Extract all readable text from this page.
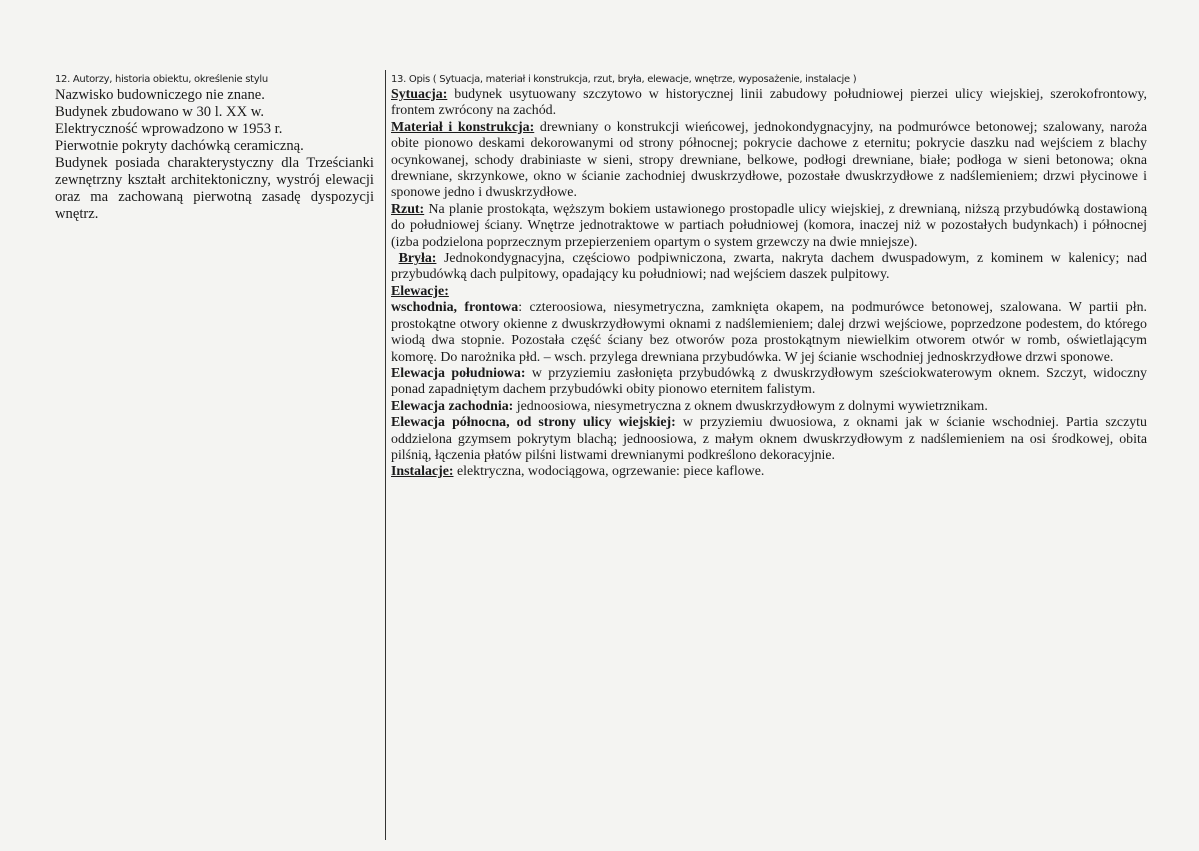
12. Autorzy, historia obiektu, określenie stylu

Nazwisko budowniczego nie znane.

Budynek zbudowano w 30 l. XX w.

Elektryczność wprowadzono w 1953 r.

Pierwotnie pokryty dachówką ceramiczną.

Budynek posiada charakterystyczny dla Trześcianki zewnętrzny kształt architektoniczny, wystrój elewacji oraz ma zachowaną pierwotną zasadę dyspozycji wnętrz.

13. Opis ( Sytuacja, materiał i konstrukcja, rzut, bryła, elewacje, wnętrze, wyposażenie, instalacje )

Sytuacja: budynek usytuowany szczytowo w historycznej linii zabudowy południowej pierzei ulicy wiejskiej, szerokofrontowy, frontem zwrócony na zachód.

Materiał i konstrukcja: drewniany o konstrukcji wieńcowej, jednokondygnacyjny, na podmurówce betonowej; szalowany, naroża obite pionowo deskami dekorowanymi od strony północnej; pokrycie dachowe z eternitu; pokrycie daszku nad wejściem z blachy ocynkowanej, schody drabiniaste w sieni, stropy drewniane, belkowe, podłogi drewniane, białe; podłoga w sieni betonowa; okna drewniane, skrzynkowe, okno w ścianie zachodniej dwuskrzydłowe, pozostałe dwuskrzydłowe z nadślemieniem; drzwi płycinowe i sponowe jedno i dwuskrzydłowe.

Rzut: Na planie prostokąta, węższym bokiem ustawionego prostopadle ulicy wiejskiej, z drewnianą, niższą przybudówką dostawioną do południowej ściany. Wnętrze jednotraktowe w partiach południowej (komora, inaczej niż w pozostałych budynkach) i północnej (izba podzielona poprzecznym przepierzeniem opartym o system grzewczy na dwie mniejsze).

Bryła: Jednokondygnacyjna, częściowo podpiwniczona, zwarta, nakryta dachem dwuspadowym, z kominem w kalenicy; nad przybudówką dach pulpitowy, opadający ku południowi; nad wejściem daszek pulpitowy.

Elewacje:

wschodnia, frontowa: czteroosiowa, niesymetryczna, zamknięta okapem, na podmurówce betonowej, szalowana. W partii płn. prostokątne otwory okienne z dwuskrzydłowymi oknami z nadślemieniem; dalej drzwi wejściowe, poprzedzone podestem, do którego wiodą dwa stopnie. Pozostała część ściany bez otworów poza prostokątnym niewielkim otworem otwór w romb, oświetlającym komorę. Do narożnika płd. – wsch. przylega drewniana przybudówka. W jej ścianie wschodniej jednoskrzydłowe drzwi sponowe.

Elewacja południowa: w przyziemiu zasłonięta przybudówką z dwuskrzydłowym sześciokwaterowym oknem. Szczyt, widoczny ponad zapadniętym dachem przybudówki obity pionowo eternitem falistym.

Elewacja zachodnia: jednoosiowa, niesymetryczna z oknem dwuskrzydłowym z dolnymi wywietrznikam.

Elewacja północna, od strony ulicy wiejskiej: w przyziemiu dwuosiowa, z oknami jak w ścianie wschodniej. Partia szczytu oddzielona gzymsem pokrytym blachą; jednoosiowa, z małym oknem dwuskrzydłowym z nadślemieniem na osi środkowej, obita pilśnią, łączenia płatów pilśni listwami drewnianymi podkreślono dekoracyjnie.

Instalacje: elektryczna, wodociągowa, ogrzewanie: piece kaflowe.
